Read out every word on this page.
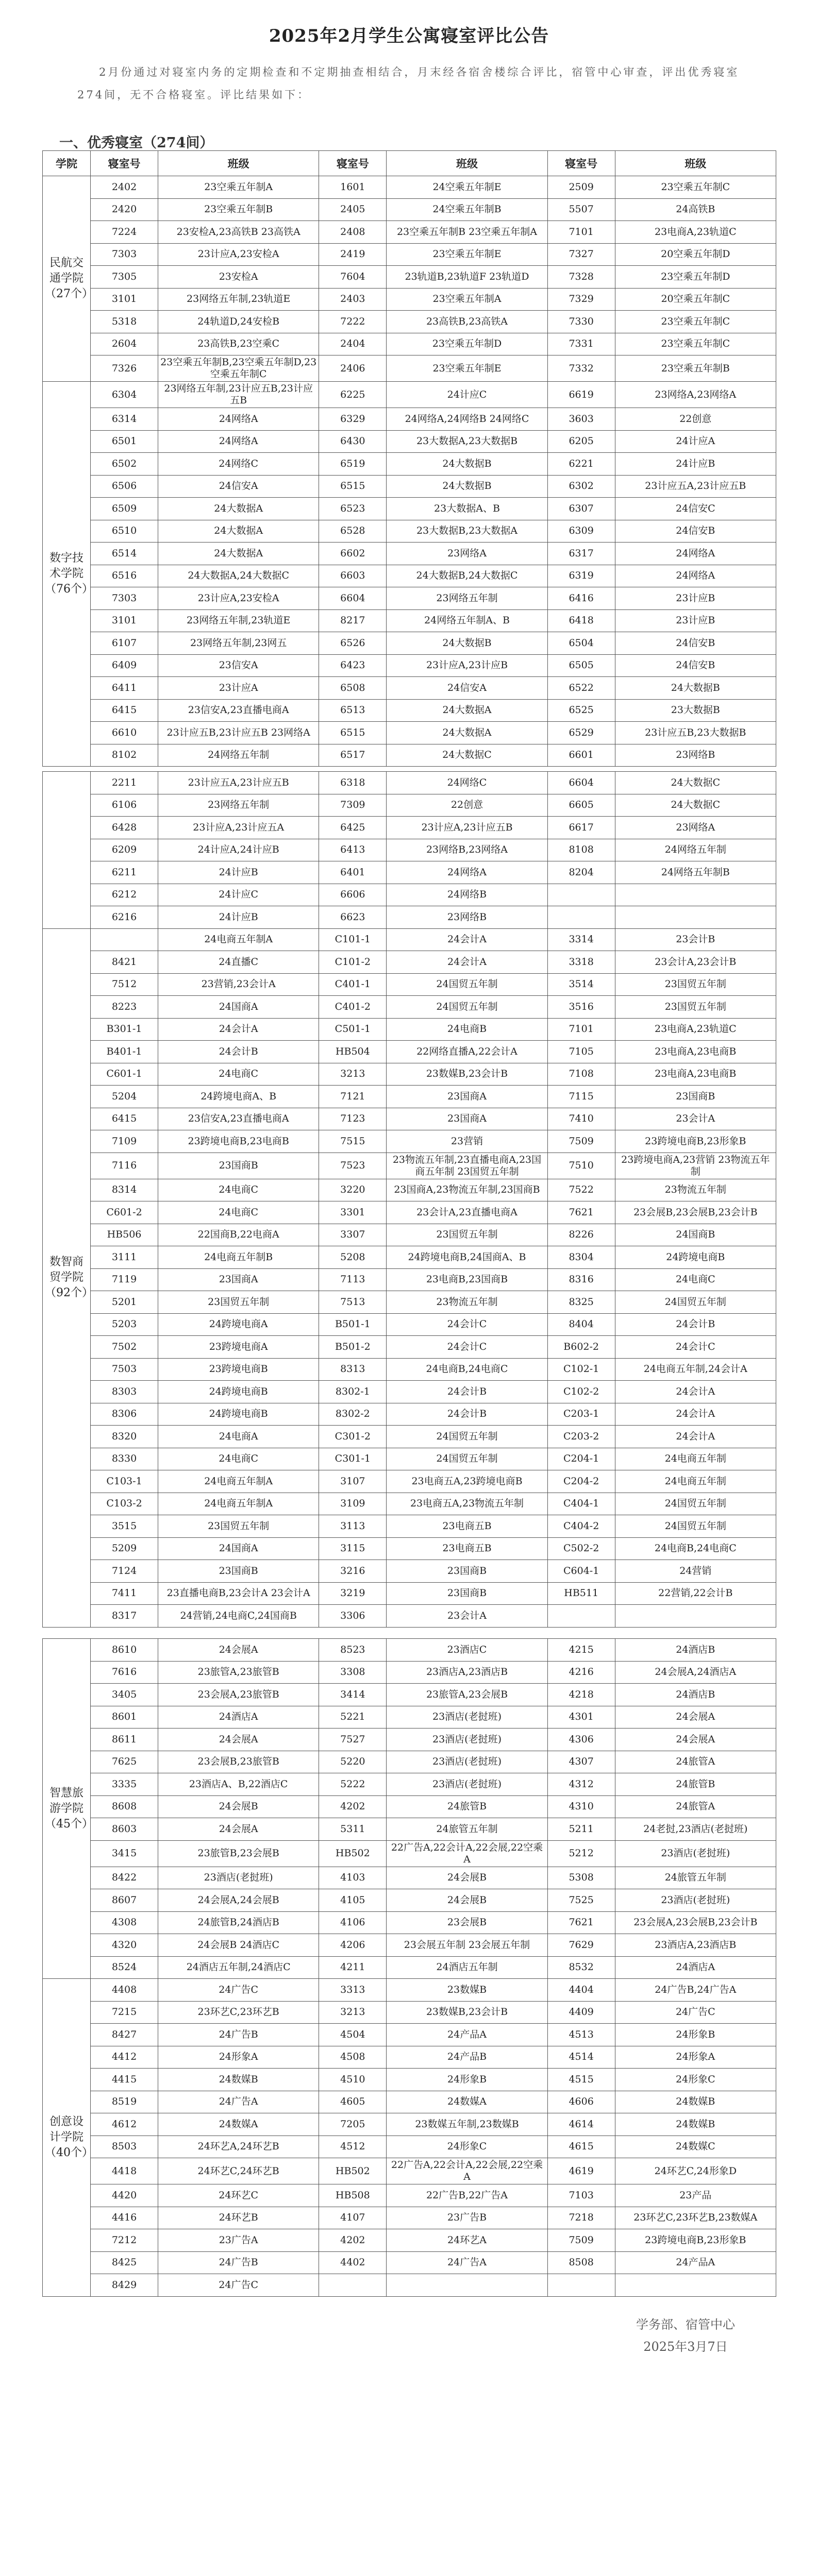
2025年2月学生公寓寝室评比公告
2月份通过对寝室内务的定期检查和不定期抽查相结合，月末经各宿舍楼综合评比，宿管中心审查，评出优秀寝室274间，无不合格寝室。评比结果如下：
一、优秀寝室（274间）
学院	寝室号	班级	寝室号	班级	寝室号	班级
民航交通学院（27个）	2402	23空乘五年制A	1601	24空乘五年制E	2509	23空乘五年制C
	2420	23空乘五年制B	2405	24空乘五年制B	5507	24高铁B
	7224	23安检A,23高铁B 23高铁A	2408	23空乘五年制B 23空乘五年制A	7101	23电商A,23轨道C
	7303	23计应A,23安检A	2419	23空乘五年制E	7327	20空乘五年制D
	7305	23安检A	7604	23轨道B,23轨道F 23轨道D	7328	23空乘五年制D
	3101	23网络五年制,23轨道E	2403	23空乘五年制A	7329	20空乘五年制C
	5318	24轨道D,24安检B	7222	23高铁B,23高铁A	7330	23空乘五年制C
	2604	23高铁B,23空乘C	2404	23空乘五年制D	7331	23空乘五年制C
	7326	23空乘五年制B,23空乘五年制D,23空乘五年制C	2406	23空乘五年制E	7332	23空乘五年制B
数字技术学院（76个）	6304	23网络五年制,23计应五B,23计应五B	6225	24计应C	6619	23网络A,23网络A
	6314	24网络A	6329	24网络A,24网络B 24网络C	3603	22创意
	6501	24网络A	6430	23大数据A,23大数据B	6205	24计应A
	6502	24网络C	6519	24大数据B	6221	24计应B
	6506	24信安A	6515	24大数据B	6302	23计应五A,23计应五B
	6509	24大数据A	6523	23大数据A、B	6307	24信安C
	6510	24大数据A	6528	23大数据B,23大数据A	6309	24信安B
	6514	24大数据A	6602	23网络A	6317	24网络A
	6516	24大数据A,24大数据C	6603	24大数据B,24大数据C	6319	24网络A
	7303	23计应A,23安检A	6604	23网络五年制	6416	23计应B
	3101	23网络五年制,23轨道E	8217	24网络五年制A、B	6418	23计应B
	6107	23网络五年制,23网五	6526	24大数据B	6504	24信安B
	6409	23信安A	6423	23计应A,23计应B	6505	24信安B
	6411	23计应A	6508	24信安A	6522	24大数据B
	6415	23信安A,23直播电商A	6513	24大数据A	6525	23大数据B
	6610	23计应五B,23计应五B 23网络A	6515	24大数据A	6529	23计应五B,23大数据B
	8102	24网络五年制	6517	24大数据C	6601	23网络B
	2211	23计应五A,23计应五B	6318	24网络C	6604	24大数据C
	6106	23网络五年制	7309	22创意	6605	24大数据C
	6428	23计应A,23计应五A	6425	23计应A,23计应五B	6617	23网络A
	6209	24计应A,24计应B	6413	23网络B,23网络A	8108	24网络五年制
	6211	24计应B	6401	24网络A	8204	24网络五年制B
	6212	24计应C	6606	24网络B		
	6216	24计应B	6623	23网络B		
数智商贸学院（92个）		24电商五年制A	C101-1	24会计A	3314	23会计B
	8421	24直播C	C101-2	24会计A	3318	23会计A,23会计B
	7512	23营销,23会计A	C401-1	24国贸五年制	3514	23国贸五年制
	8223	24国商A	C401-2	24国贸五年制	3516	23国贸五年制
	B301-1	24会计A	C501-1	24电商B	7101	23电商A,23轨道C
	B401-1	24会计B	HB504	22网络直播A,22会计A	7105	23电商A,23电商B
	C601-1	24电商C	3213	23数媒B,23会计B	7108	23电商A,23电商B
	5204	24跨境电商A、B	7121	23国商A	7115	23国商B
	6415	23信安A,23直播电商A	7123	23国商A	7410	23会计A
	7109	23跨境电商B,23电商B	7515	23营销	7509	23跨境电商B,23形象B
	7116	23国商B	7523	23物流五年制,23直播电商A,23国商五年制 23国贸五年制	7510	23跨境电商A,23营销 23物流五年制
	8314	24电商C	3220	23国商A,23物流五年制,23国商B	7522	23物流五年制
	C601-2	24电商C	3301	23会计A,23直播电商A	7621	23会展B,23会展B,23会计B
	HB506	22国商B,22电商A	3307	23国贸五年制	8226	24国商B
	3111	24电商五年制B	5208	24跨境电商B,24国商A、B	8304	24跨境电商B
	7119	23国商A	7113	23电商B,23国商B	8316	24电商C
	5201	23国贸五年制	7513	23物流五年制	8325	24国贸五年制
	5203	24跨境电商A	B501-1	24会计C	8404	24会计B
	7502	23跨境电商A	B501-2	24会计C	B602-2	24会计C
	7503	23跨境电商B	8313	24电商B,24电商C	C102-1	24电商五年制,24会计A
	8303	24跨境电商B	8302-1	24会计B	C102-2	24会计A
	8306	24跨境电商B	8302-2	24会计B	C203-1	24会计A
	8320	24电商A	C301-2	24国贸五年制	C203-2	24会计A
	8330	24电商C	C301-1	24国贸五年制	C204-1	24电商五年制
	C103-1	24电商五年制A	3107	23电商五A,23跨境电商B	C204-2	24电商五年制
	C103-2	24电商五年制A	3109	23电商五A,23物流五年制	C404-1	24国贸五年制
	3515	23国贸五年制	3113	23电商五B	C404-2	24国贸五年制
	5209	24国商A	3115	23电商五B	C502-2	24电商B,24电商C
	7124	23国商B	3216	23国商B	C604-1	24营销
	7411	23直播电商B,23会计A 23会计A	3219	23国商B	HB511	22营销,22会计B
	8317	24营销,24电商C,24国商B	3306	23会计A		
智慧旅游学院（45个）	8610	24会展A	8523	23酒店C	4215	24酒店B
	7616	23旅管A,23旅管B	3308	23酒店A,23酒店B	4216	24会展A,24酒店A
	3405	23会展A,23旅管B	3414	23旅管A,23会展B	4218	24酒店B
	8601	24酒店A	5221	23酒店(老挝班)	4301	24会展A
	8611	24会展A	7527	23酒店(老挝班)	4306	24会展A
	7625	23会展B,23旅管B	5220	23酒店(老挝班)	4307	24旅管A
	3335	23酒店A、B,22酒店C	5222	23酒店(老挝班)	4312	24旅管B
	8608	24会展B	4202	24旅管B	4310	24旅管A
	8603	24会展A	5311	24旅管五年制	5211	24老挝,23酒店(老挝班)
	3415	23旅管B,23会展B	HB502	22广告A,22会计A,22会展,22空乘A	5212	23酒店(老挝班)
	8422	23酒店(老挝班)	4103	24会展B	5308	24旅管五年制
	8607	24会展A,24会展B	4105	24会展B	7525	23酒店(老挝班)
	4308	24旅管B,24酒店B	4106	23会展B	7621	23会展A,23会展B,23会计B
	4320	24会展B 24酒店C	4206	23会展五年制 23会展五年制	7629	23酒店A,23酒店B
	8524	24酒店五年制,24酒店C	4211	24酒店五年制	8532	24酒店A
创意设计学院（40个）	4408	24广告C	3313	23数媒B	4404	24广告B,24广告A
	7215	23环艺C,23环艺B	3213	23数媒B,23会计B	4409	24广告C
	8427	24广告B	4504	24产品A	4513	24形象B
	4412	24形象A	4508	24产品B	4514	24形象A
	4415	24数媒B	4510	24形象B	4515	24形象C
	8519	24广告A	4605	24数媒A	4606	24数媒B
	4612	24数媒A	7205	23数媒五年制,23数媒B	4614	24数媒B
	8503	24环艺A,24环艺B	4512	24形象C	4615	24数媒C
	4418	24环艺C,24环艺B	HB502	22广告A,22会计A,22会展,22空乘A	4619	24环艺C,24形象D
	4420	24环艺C	HB508	22广告B,22广告A	7103	23产品
	4416	24环艺B	4107	23广告B	7218	23环艺C,23环艺B,23数媒A
	7212	23广告A	4202	24环艺A	7509	23跨境电商B,23形象B
	8425	24广告B	4402	24广告A	8508	24产品A
	8429	24广告C				
学务部、宿管中心
2025年3月7日
